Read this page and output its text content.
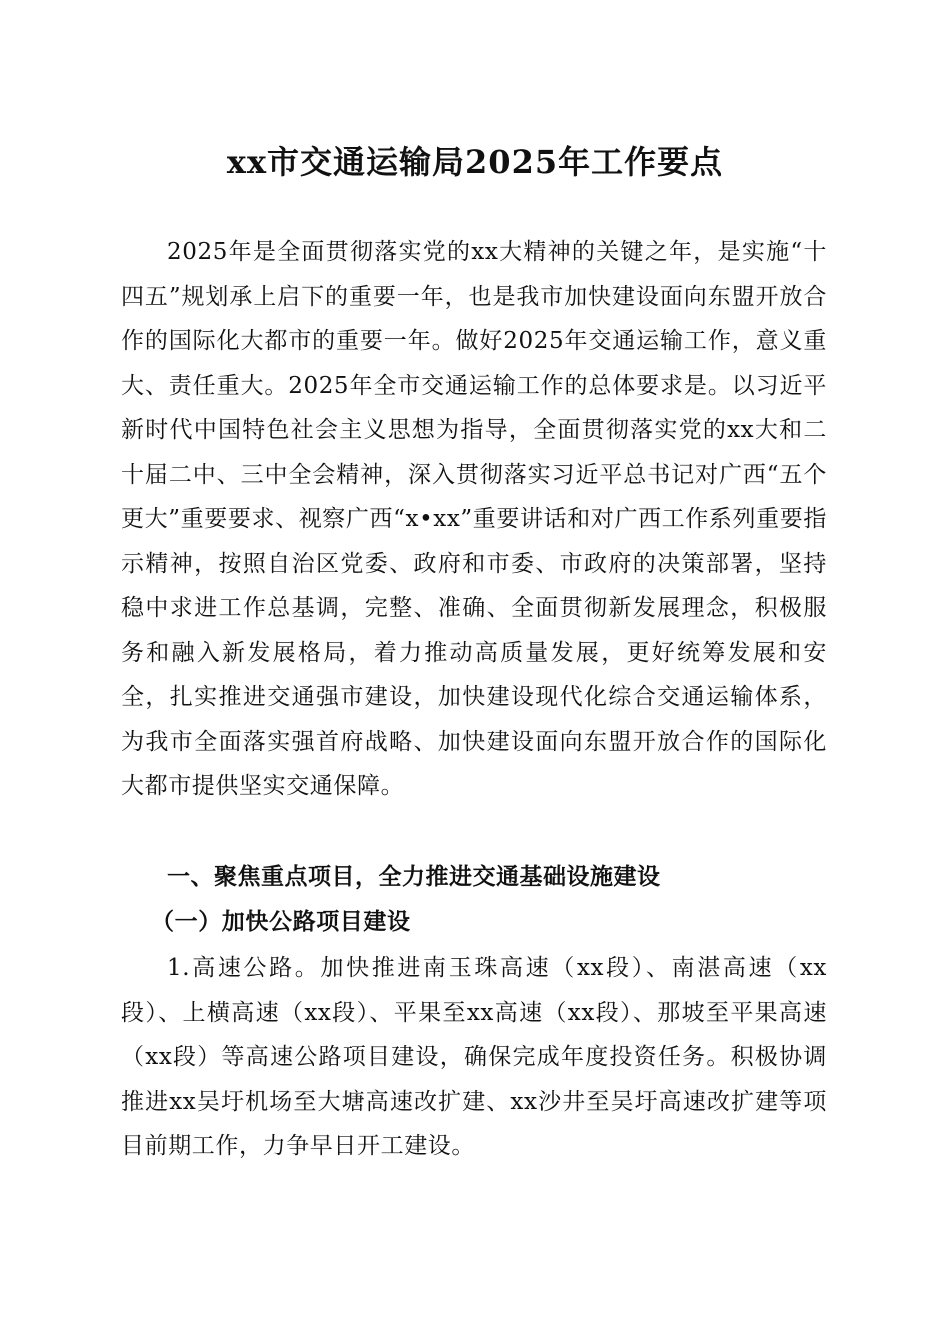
xx市交通运输局2025年工作要点

2025年是全面贯彻落实党的xx大精神的关键之年，是实施“十四五”规划承上启下的重要一年，也是我市加快建设面向东盟开放合作的国际化大都市的重要一年。做好2025年交通运输工作，意义重大、责任重大。2025年全市交通运输工作的总体要求是。以习近平新时代中国特色社会主义思想为指导，全面贯彻落实党的xx大和二十届二中、三中全会精神，深入贯彻落实习近平总书记对广西“五个更大”重要要求、视察广西“x•xx”重要讲话和对广西工作系列重要指示精神，按照自治区党委、政府和市委、市政府的决策部署，坚持稳中求进工作总基调，完整、准确、全面贯彻新发展理念，积极服务和融入新发展格局，着力推动高质量发展，更好统筹发展和安全，扎实推进交通强市建设，加快建设现代化综合交通运输体系，为我市全面落实强首府战略、加快建设面向东盟开放合作的国际化大都市提供坚实交通保障。

一、聚焦重点项目，全力推进交通基础设施建设
（一）加快公路项目建设

1.高速公路。加快推进南玉珠高速（xx段）、南湛高速（xx段）、上横高速（xx段）、平果至xx高速（xx段）、那坡至平果高速（xx段）等高速公路项目建设，确保完成年度投资任务。积极协调推进xx吴圩机场至大塘高速改扩建、xx沙井至吴圩高速改扩建等项目前期工作，力争早日开工建设。
